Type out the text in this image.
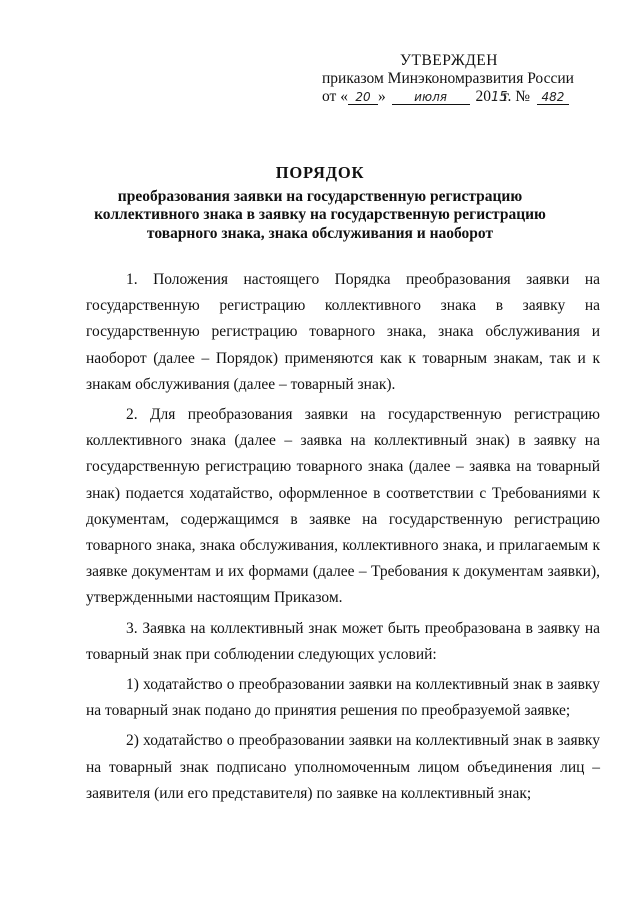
УТВЕРЖДЕН
приказом Минэкономразвития России
от « 20 » июля 2015г. № 482
ПОРЯДОК
преобразования заявки на государственную регистрацию коллективного знака в заявку на государственную регистрацию товарного знака, знака обслуживания и наоборот

1. Положения настоящего Порядка преобразования заявки на государственную регистрацию коллективного знака в заявку на государственную регистрацию товарного знака, знака обслуживания и наоборот (далее – Порядок) применяются как к товарным знакам, так и к знакам обслуживания (далее – товарный знак).

2. Для преобразования заявки на государственную регистрацию коллективного знака (далее – заявка на коллективный знак) в заявку на государственную регистрацию товарного знака (далее – заявка на товарный знак) подается ходатайство, оформленное в соответствии с Требованиями к документам, содержащимся в заявке на государственную регистрацию товарного знака, знака обслуживания, коллективного знака, и прилагаемым к заявке документам и их формами (далее – Требования к документам заявки), утвержденными настоящим Приказом.

3. Заявка на коллективный знак может быть преобразована в заявку на товарный знак при соблюдении следующих условий:

1) ходатайство о преобразовании заявки на коллективный знак в заявку на товарный знак подано до принятия решения по преобразуемой заявке;

2) ходатайство о преобразовании заявки на коллективный знак в заявку на товарный знак подписано уполномоченным лицом объединения лиц – заявителя (или его представителя) по заявке на коллективный знак;
